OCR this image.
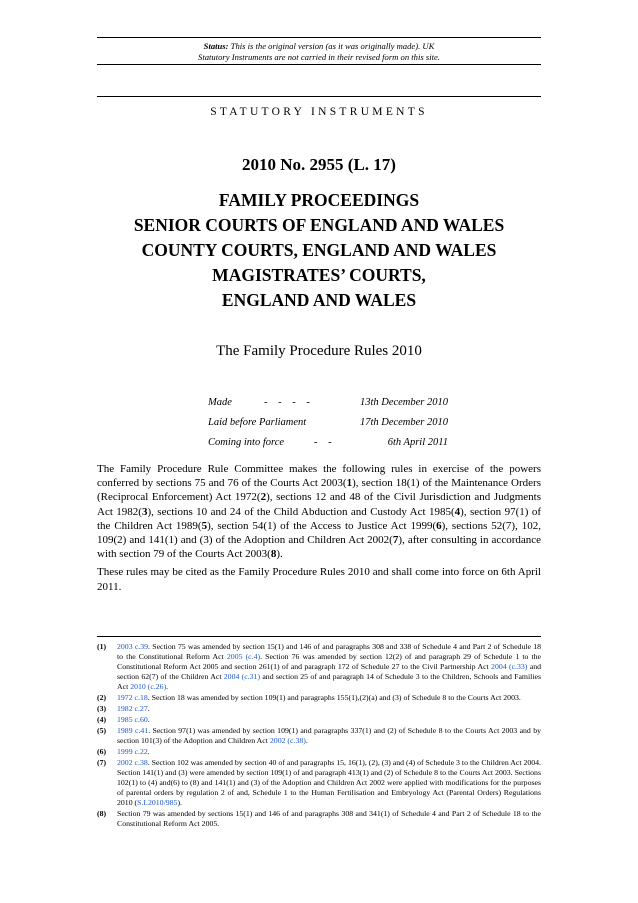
Status: This is the original version (as it was originally made). UK
Statutory Instruments are not carried in their revised form on this site.
STATUTORY INSTRUMENTS
2010 No. 2955 (L. 17)
FAMILY PROCEEDINGS
SENIOR COURTS OF ENGLAND AND WALES
COUNTY COURTS, ENGLAND AND WALES
MAGISTRATES’ COURTS,
ENGLAND AND WALES
The Family Procedure Rules 2010
Made	- - - -	13th December 2010
Laid before Parliament	17th December 2010
Coming into force	- -	6th April 2011

The Family Procedure Rule Committee makes the following rules in exercise of the powers conferred by sections 75 and 76 of the Courts Act 2003(1), section 18(1) of the Maintenance Orders (Reciprocal Enforcement) Act 1972(2), sections 12 and 48 of the Civil Jurisdiction and Judgments Act 1982(3), sections 10 and 24 of the Child Abduction and Custody Act 1985(4), section 97(1) of the Children Act 1989(5), section 54(1) of the Access to Justice Act 1999(6), sections 52(7), 102, 109(2) and 141(1) and (3) of the Adoption and Children Act 2002(7), after consulting in accordance with section 79 of the Courts Act 2003(8).

These rules may be cited as the Family Procedure Rules 2010 and shall come into force on 6th April 2011.

(1) 2003 c.39. Section 75 was amended by section 15(1) and 146 of and paragraphs 308 and 338 of Schedule 4 and Part 2 of Schedule 18 to the Constitutional Reform Act 2005 (c.4). Section 76 was amended by section 12(2) of and paragraph 29 of Schedule 1 to the Constitutional Reform Act 2005 and section 261(1) of and paragraph 172 of Schedule 27 to the Civil Partnership Act 2004 (c.33) and section 62(7) of the Children Act 2004 (c.31) and section 25 of and paragraph 14 of Schedule 3 to the Children, Schools and Families Act 2010 (c.26).
(2) 1972 c.18. Section 18 was amended by section 109(1) and paragraphs 155(1),(2)(a) and (3) of Schedule 8 to the Courts Act 2003.
(3) 1982 c.27.
(4) 1985 c.60.
(5) 1989 c.41. Section 97(1) was amended by section 109(1) and paragraphs 337(1) and (2) of Schedule 8 to the Courts Act 2003 and by section 101(3) of the Adoption and Children Act 2002 (c.38).
(6) 1999 c.22.
(7) 2002 c.38. Section 102 was amended by section 40 of and paragraphs 15, 16(1), (2), (3) and (4) of Schedule 3 to the Children Act 2004. Section 141(1) and (3) were amended by section 109(1) of and paragraph 413(1) and (2) of Schedule 8 to the Courts Act 2003. Sections 102(1) to (4) and(6) to (8) and 141(1) and (3) of the Adoption and Children Act 2002 were applied with modifications for the purposes of parental orders by regulation 2 of and, Schedule 1 to the Human Fertilisation and Embryology Act (Parental Orders) Regulations 2010 (S.I.2010/985).
(8) Section 79 was amended by sections 15(1) and 146 of and paragraphs 308 and 341(1) of Schedule 4 and Part 2 of Schedule 18 to the Constitutional Reform Act 2005.
